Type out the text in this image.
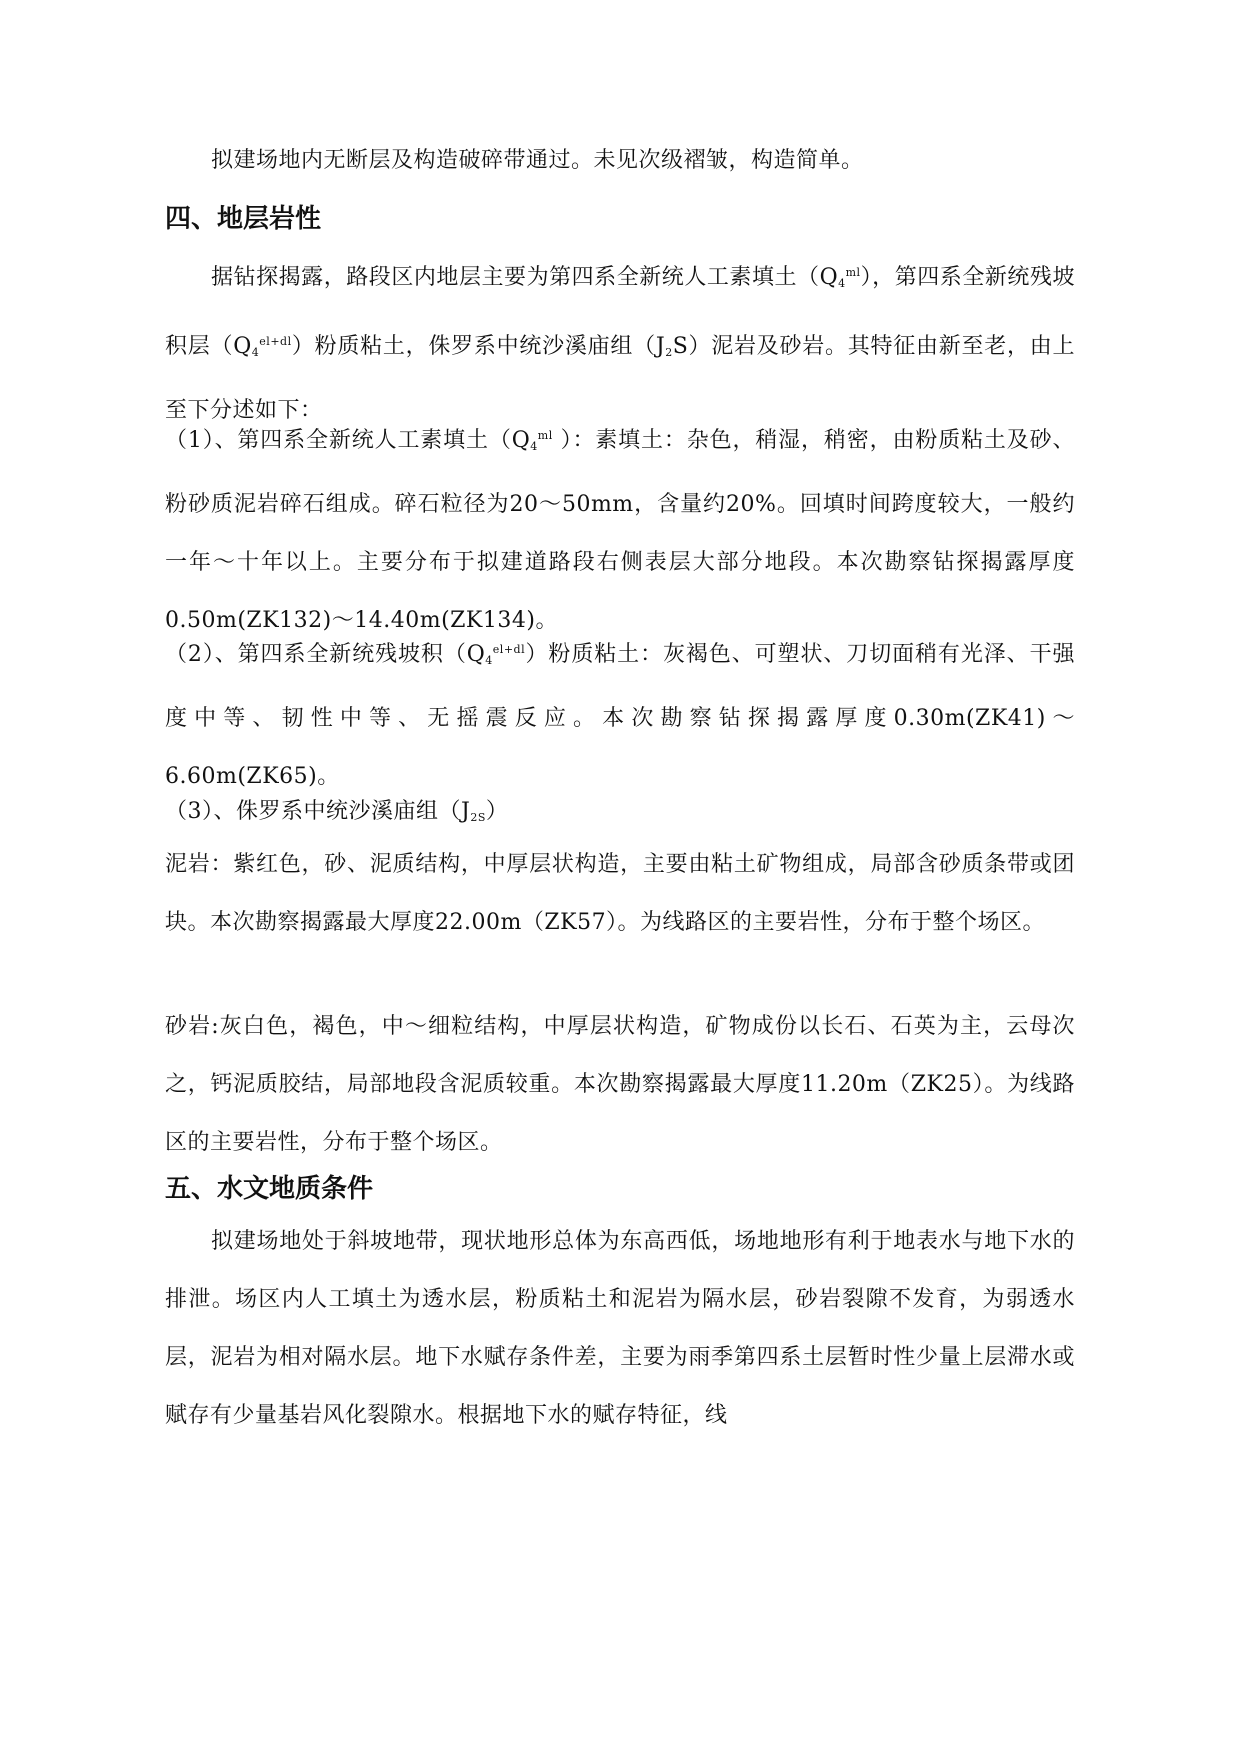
拟建场地内无断层及构造破碎带通过。未见次级褶皱，构造简单。

四、地层岩性

据钻探揭露，路段区内地层主要为第四系全新统人工素填土$(Q_4^{ml})$，第四系全新统残坡积层$(Q_4^{el+dl})$粉质粘土，侏罗系中统沙溪庙组$(J_2S)$泥岩及砂岩。其特征由新至老，由上至下分述如下：

（1）、第四系全新统人工素填土（$Q_4^{ml}$ ）：素填土：杂色，稍湿，稍密，由粉质粘土及砂、粉砂质泥岩碎石组成。碎石粒径为20～50mm，含量约20%。回填时间跨度较大，一般约一年～十年以上。主要分布于拟建道路段右侧表层大部分地段。本次勘察钻探揭露厚度0.50m(ZK132)～14.40m(ZK134)。

（2）、第四系全新统残坡积$(Q_4^{el+dl})$粉质粘土：灰褐色、可塑状、刀切面稍有光泽、干强度中等、韧性中等、无摇震反应。本次勘察钻探揭露厚度0.30m(ZK41)～6.60m(ZK65)。

（3）、侏罗系中统沙溪庙组$(J_{2S})$

泥岩：紫红色，砂、泥质结构，中厚层状构造，主要由粘土矿物组成，局部含砂质条带或团块。本次勘察揭露最大厚度22.00m（ZK57）。为线路区的主要岩性，分布于整个场区。

砂岩:灰白色，褐色，中～细粒结构，中厚层状构造，矿物成份以长石、石英为主，云母次之，钙泥质胶结，局部地段含泥质较重。本次勘察揭露最大厚度11.20m（ZK25）。为线路区的主要岩性，分布于整个场区。

五、水文地质条件

拟建场地处于斜坡地带，现状地形总体为东高西低，场地地形有利于地表水与地下水的排泄。场区内人工填土为透水层，粉质粘土和泥岩为隔水层，砂岩裂隙不发育，为弱透水层，泥岩为相对隔水层。地下水赋存条件差，主要为雨季第四系土层暂时性少量上层滞水或赋存有少量基岩风化裂隙水。根据地下水的赋存特征，线
